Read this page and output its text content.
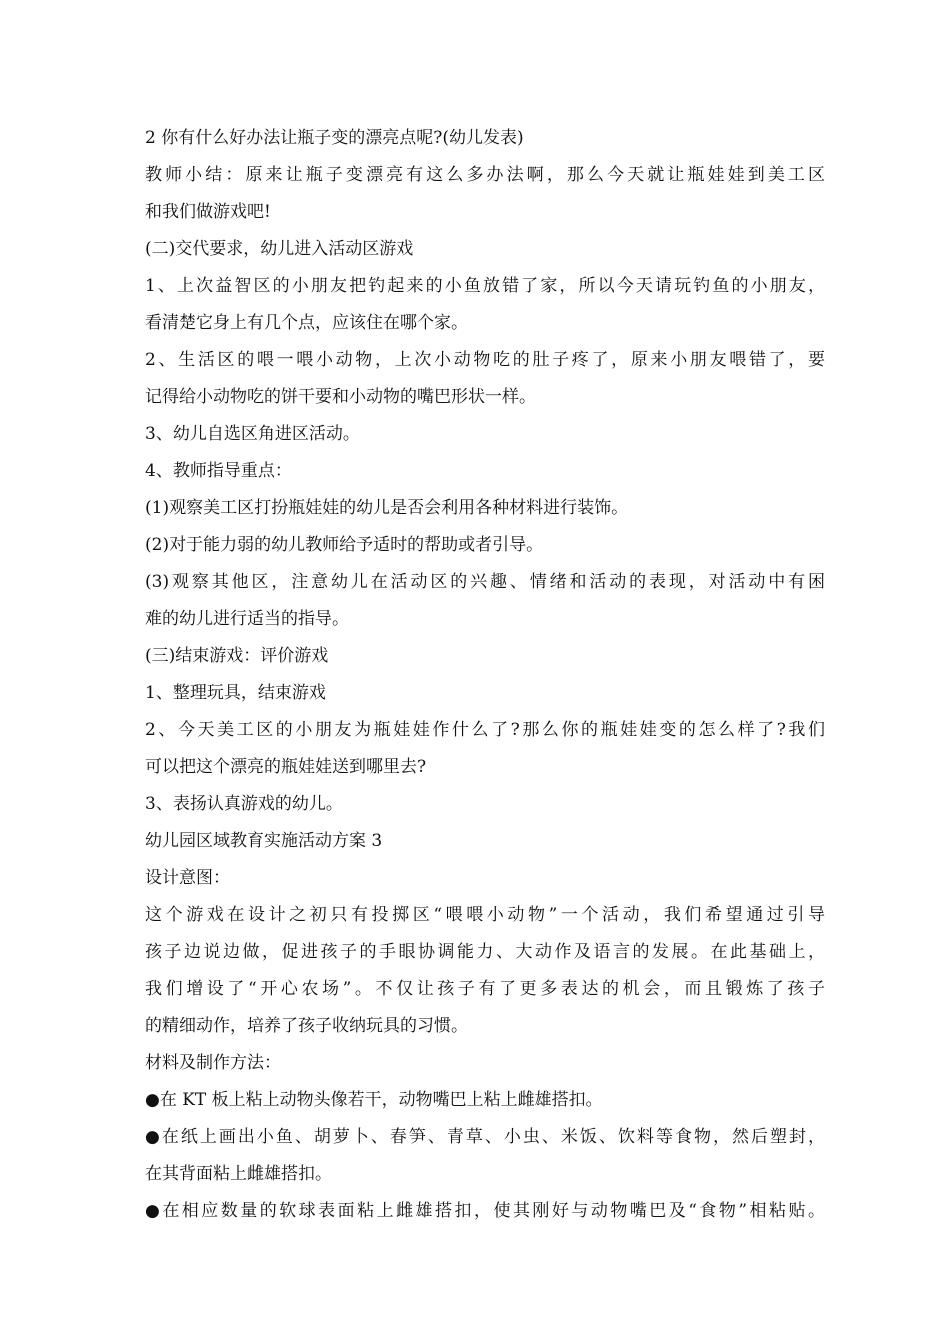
2 你有什么好办法让瓶子变的漂亮点呢?(幼儿发表)
教师小结：原来让瓶子变漂亮有这么多办法啊，那么今天就让瓶娃娃到美工区
和我们做游戏吧!
(二)交代要求，幼儿进入活动区游戏
1、上次益智区的小朋友把钓起来的小鱼放错了家，所以今天请玩钓鱼的小朋友，
看清楚它身上有几个点，应该住在哪个家。
2、生活区的喂一喂小动物，上次小动物吃的肚子疼了，原来小朋友喂错了，要
记得给小动物吃的饼干要和小动物的嘴巴形状一样。
3、幼儿自选区角进区活动。
4、教师指导重点：
(1)观察美工区打扮瓶娃娃的幼儿是否会利用各种材料进行装饰。
(2)对于能力弱的幼儿教师给予适时的帮助或者引导。
(3)观察其他区，注意幼儿在活动区的兴趣、情绪和活动的表现，对活动中有困
难的幼儿进行适当的指导。
(三)结束游戏：评价游戏
1、整理玩具，结束游戏
2、今天美工区的小朋友为瓶娃娃作什么了?那么你的瓶娃娃变的怎么样了?我们
可以把这个漂亮的瓶娃娃送到哪里去?
3、表扬认真游戏的幼儿。
幼儿园区域教育实施活动方案 3
设计意图：
这个游戏在设计之初只有投掷区“喂喂小动物”一个活动，我们希望通过引导
孩子边说边做，促进孩子的手眼协调能力、大动作及语言的发展。在此基础上，
我们增设了“开心农场”。不仅让孩子有了更多表达的机会，而且锻炼了孩子
的精细动作，培养了孩子收纳玩具的习惯。
材料及制作方法：
●在 KT 板上粘上动物头像若干，动物嘴巴上粘上雌雄搭扣。
●在纸上画出小鱼、胡萝卜、春笋、青草、小虫、米饭、饮料等食物，然后塑封，
在其背面粘上雌雄搭扣。
●在相应数量的软球表面粘上雌雄搭扣，使其刚好与动物嘴巴及“食物”相粘贴。
